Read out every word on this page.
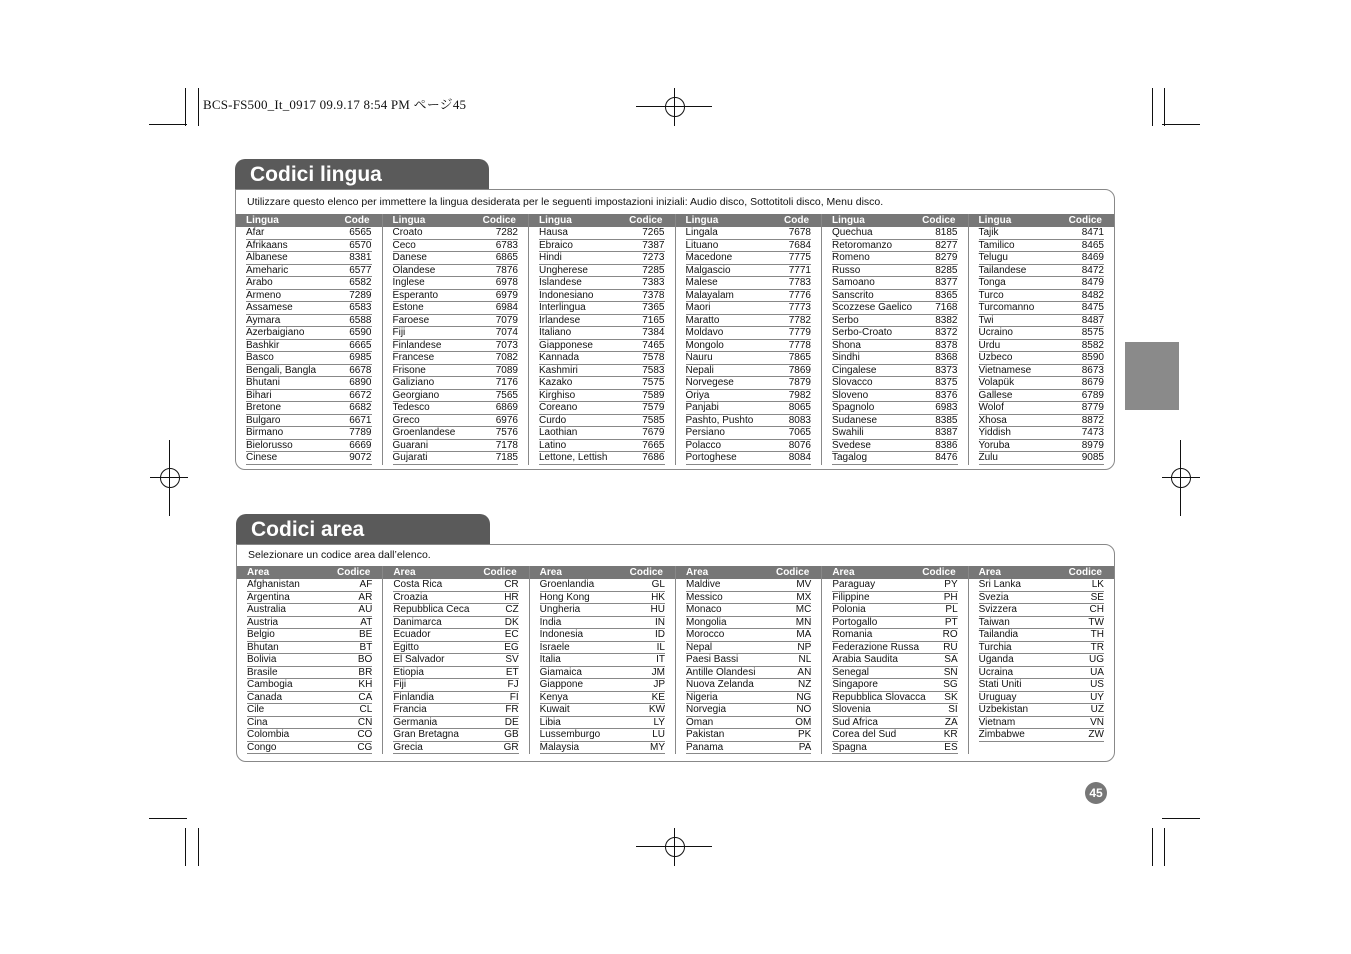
BCS-FS500_It_0917 09.9.17 8:54 PM ページ45
Codici lingua
Utilizzare questo elenco per immettere la lingua desiderata per le seguenti impostazioni iniziali: Audio disco, Sottotitoli disco, Menu disco.
Lingua	Code
Afar	6565
Afrikaans	6570
Albanese	8381
Ameharic	6577
Arabo	6582
Armeno	7289
Assamese	6583
Aymara	6588
Azerbaigiano	6590
Bashkir	6665
Basco	6985
Bengali, Bangla	6678
Bhutani	6890
Bihari	6672
Bretone	6682
Bulgaro	6671
Birmano	7789
Bielorusso	6669
Cinese	9072
Lingua	Codice
Croato	7282
Ceco	6783
Danese	6865
Olandese	7876
Inglese	6978
Esperanto	6979
Estone	6984
Faroese	7079
Fiji	7074
Finlandese	7073
Francese	7082
Frisone	7089
Galiziano	7176
Georgiano	7565
Tedesco	6869
Greco	6976
Groenlandese	7576
Guarani	7178
Gujarati	7185
Lingua	Codice
Hausa	7265
Ebraico	7387
Hindi	7273
Ungherese	7285
Islandese	7383
Indonesiano	7378
Interlingua	7365
Irlandese	7165
Italiano	7384
Giapponese	7465
Kannada	7578
Kashmiri	7583
Kazako	7575
Kirghiso	7589
Coreano	7579
Curdo	7585
Laothian	7679
Latino	7665
Lettone, Lettish	7686
Lingua	Code
Lingala	7678
Lituano	7684
Macedone	7775
Malgascio	7771
Malese	7783
Malayalam	7776
Maori	7773
Maratto	7782
Moldavo	7779
Mongolo	7778
Nauru	7865
Nepali	7869
Norvegese	7879
Oriya	7982
Panjabi	8065
Pashto, Pushto	8083
Persiano	7065
Polacco	8076
Portoghese	8084
Lingua	Codice
Quechua	8185
Retoromanzo	8277
Romeno	8279
Russo	8285
Samoano	8377
Sanscrito	8365
Scozzese Gaelico 7168
Serbo	8382
Serbo-Croato	8372
Shona	8378
Sindhi	8368
Cingalese	8373
Slovacco	8375
Sloveno	8376
Spagnolo	6983
Sudanese	8385
Swahili	8387
Svedese	8386
Tagalog	8476
Lingua	Codice
Tajik	8471
Tamilico	8465
Telugu	8469
Tailandese	8472
Tonga	8479
Turco	8482
Turcomanno	8475
Twi	8487
Ucraino	8575
Urdu	8582
Uzbeco	8590
Vietnamese	8673
Volapük	8679
Gallese	6789
Wolof	8779
Xhosa	8872
Yiddish	7473
Yoruba	8979
Zulu	9085
Codici area
Selezionare un codice area dall’elenco.
Area	Codice
Afghanistan	AF
Argentina	AR
Australia	AU
Austria	AT
Belgio	BE
Bhutan	BT
Bolivia	BO
Brasile	BR
Cambogia	KH
Canada	CA
Cile	CL
Cina	CN
Colombia	CO
Congo	CG
Area	Codice
Costa Rica	CR
Croazia	HR
Repubblica Ceca	CZ
Danimarca	DK
Ecuador	EC
Egitto	EG
El Salvador	SV
Etiopia	ET
Fiji	FJ
Finlandia	FI
Francia	FR
Germania	DE
Gran Bretagna	GB
Grecia	GR
Area	Codice
Groenlandia	GL
Hong Kong	HK
Ungheria	HU
India	IN
Indonesia	ID
Israele	IL
Italia	IT
Giamaica	JM
Giappone	JP
Kenya	KE
Kuwait	KW
Libia	LY
Lussemburgo	LU
Malaysia	MY
Area	Codice
Maldive	MV
Messico	MX
Monaco	MC
Mongolia	MN
Morocco	MA
Nepal	NP
Paesi Bassi	NL
Antille Olandesi	AN
Nuova Zelanda	NZ
Nigeria	NG
Norvegia	NO
Oman	OM
Pakistan	PK
Panama	PA
Area	Codice
Paraguay	PY
Filippine	PH
Polonia	PL
Portogallo	PT
Romania	RO
Federazione Russa RU
Arabia Saudita	SA
Senegal	SN
Singapore	SG
Repubblica Slovacca SK
Slovenia	SI
Sud Africa	ZA
Corea del Sud	KR
Spagna	ES
Area	Codice
Sri Lanka	LK
Svezia	SE
Svizzera	CH
Taiwan	TW
Tailandia	TH
Turchia	TR
Uganda	UG
Ucraina	UA
Stati Uniti	US
Uruguay	UY
Uzbekistan	UZ
Vietnam	VN
Zimbabwe	ZW
45
